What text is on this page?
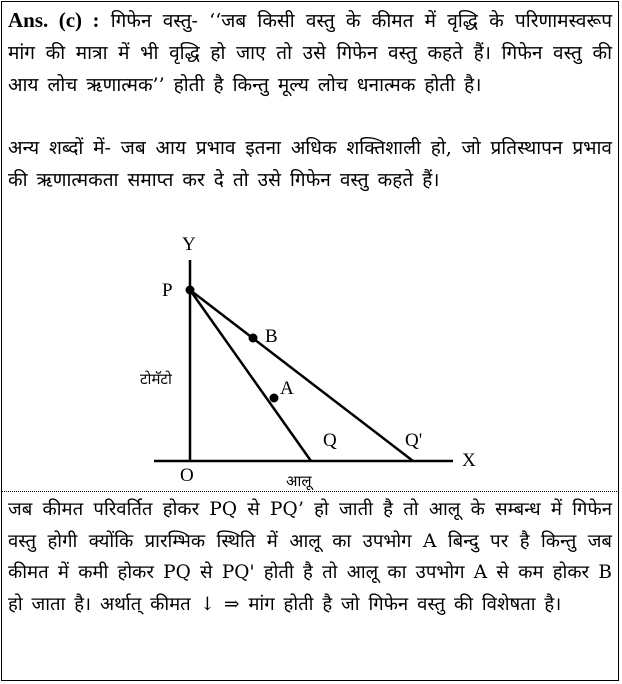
Ans. (c) : गिफेन वस्तु- ‘‘जब किसी वस्तु के कीमत में वृद्धि के परिणामस्वरूप मांग की मात्रा में भी वृद्धि हो जाए तो उसे गिफेन वस्तु कहते हैं। गिफेन वस्तु की आय लोच ऋणात्मक’’ होती है किन्तु मूल्य लोच धनात्मक होती है।

अन्य शब्दों में- जब आय प्रभाव इतना अधिक शक्तिशाली हो, जो प्रतिस्थापन प्रभाव की ऋणात्मकता समाप्त कर दे तो उसे गिफेन वस्तु कहते हैं।

Y
X
O
P
B
A
Q	Q'
टोमॅटो
आलू

जब कीमत परिवर्तित होकर PQ से PQ’ हो जाती है तो आलू के सम्बन्ध में गिफेन वस्तु होगी क्योंकि प्रारम्भिक स्थिति में आलू का उपभोग A बिन्दु पर है किन्तु जब कीमत में कमी होकर PQ से PQ' होती है तो आलू का उपभोग A से कम होकर B हो जाता है। अर्थात् कीमत ↓ ⇒ मांग होती है जो गिफेन वस्तु की विशेषता है।
